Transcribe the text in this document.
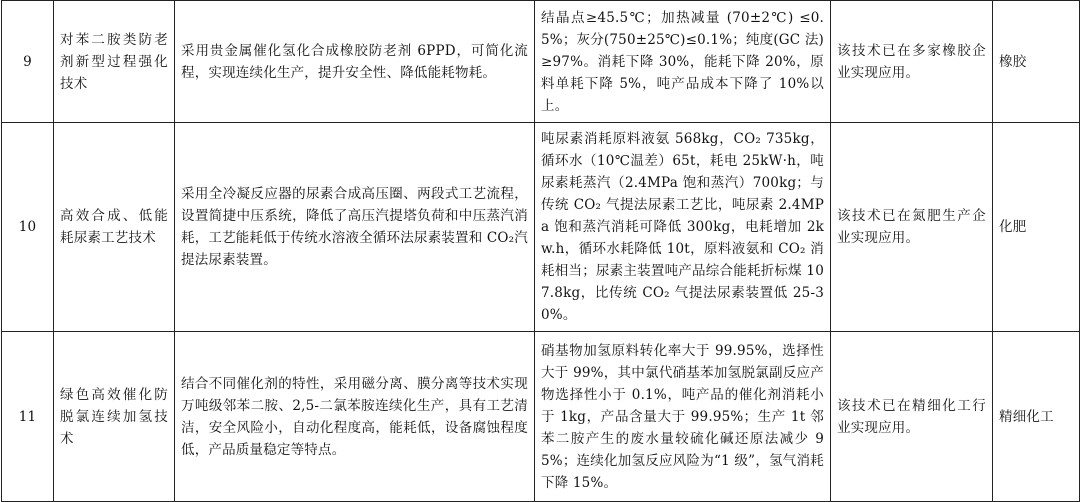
9	对苯二胺类防老剂新型过程强化技术	采用贵金属催化氢化合成橡胶防老剂 6PPD，可简化流程，实现连续化生产，提升安全性、降低能耗物耗。	结晶点≥45.5℃；加热减量 (70±2℃) ≤0.5%；灰分(750±25℃)≤0.1%；纯度(GC 法) ≥97%。消耗下降 30%，能耗下降 20%，原料单耗下降 5%，吨产品成本下降了 10%以上。	该技术已在多家橡胶企业实现应用。	橡胶
10	高效合成、低能耗尿素工艺技术	采用全冷凝反应器的尿素合成高压圈、两段式工艺流程，设置简捷中压系统，降低了高压汽提塔负荷和中压蒸汽消耗，工艺能耗低于传统水溶液全循环法尿素装置和 CO₂汽提法尿素装置。	吨尿素消耗原料液氨 568kg，CO₂ 735kg，循环水（10℃温差）65t，耗电 25kW·h，吨尿素耗蒸汽（2.4MPa 饱和蒸汽）700kg；与传统 CO₂ 气提法尿素工艺比，吨尿素 2.4MPa 饱和蒸汽消耗可降低 300kg，电耗增加 2kw.h，循环水耗降低 10t，原料液氨和 CO₂ 消耗相当；尿素主装置吨产品综合能耗折标煤 107.8kg，比传统 CO₂ 气提法尿素装置低 25-30%。	该技术已在氮肥生产企业实现应用。	化肥
11	绿色高效催化防脱氯连续加氢技术	结合不同催化剂的特性，采用磁分离、膜分离等技术实现万吨级邻苯二胺、2,5-二氯苯胺连续化生产，具有工艺清洁，安全风险小，自动化程度高，能耗低，设备腐蚀程度低，产品质量稳定等特点。	硝基物加氢原料转化率大于 99.95%，选择性大于 99%，其中氯代硝基苯加氢脱氯副反应产物选择性小于 0.1%，吨产品的催化剂消耗小于 1kg，产品含量大于 99.95%；生产 1t 邻苯二胺产生的废水量较硫化碱还原法减少 95%；连续化加氢反应风险为“1 级”，氢气消耗下降 15%。	该技术已在精细化工行业实现应用。	精细化工
